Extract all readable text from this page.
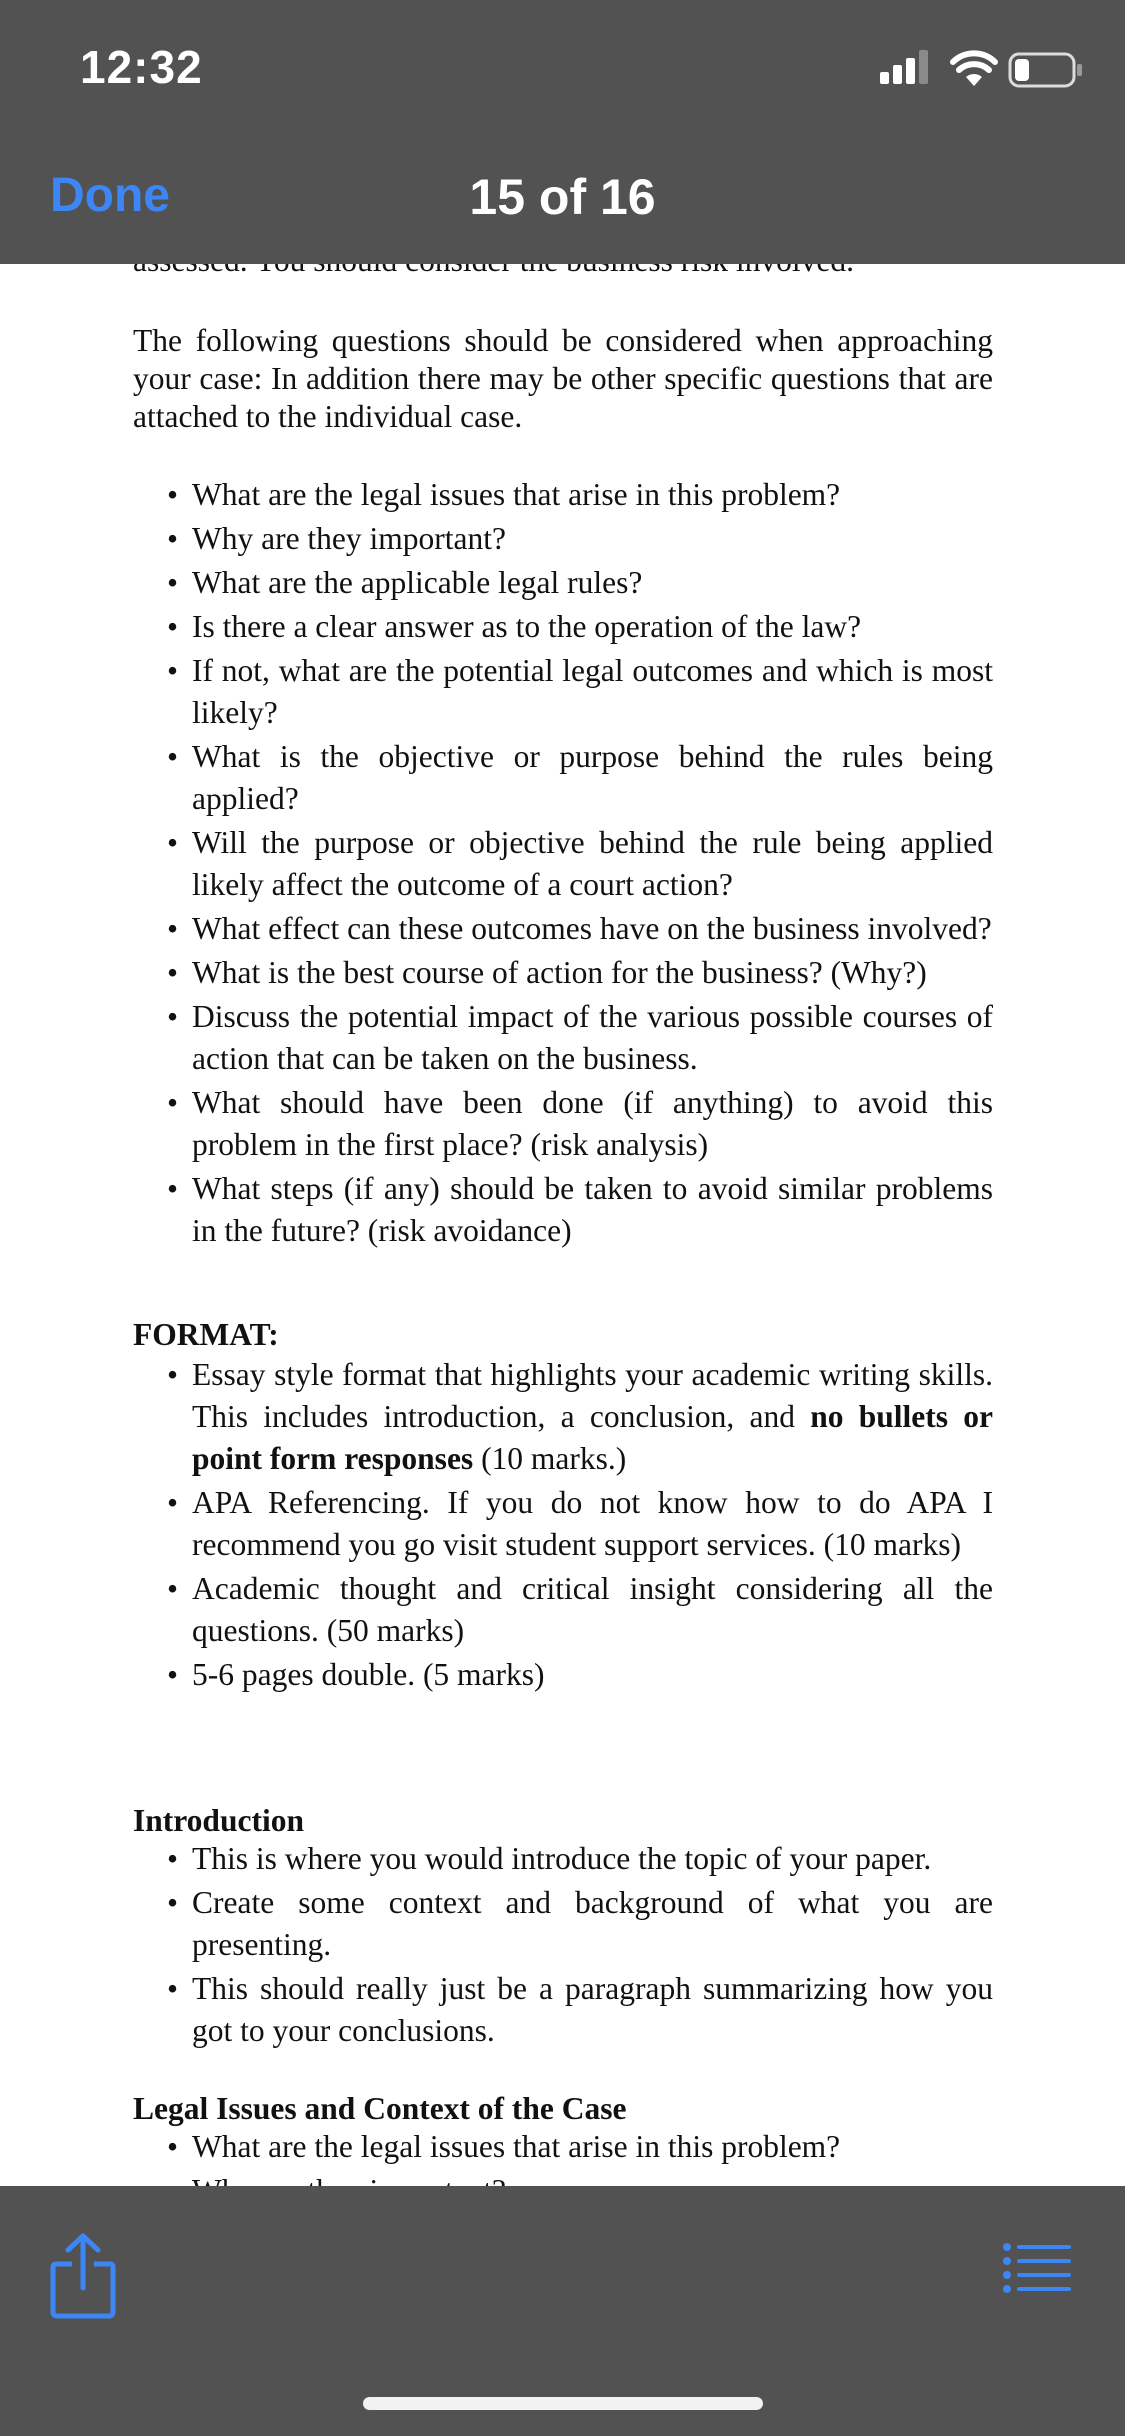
The following questions should be considered when approaching your case: In addition there may be other specific questions that are attached to the individual case.
• What are the legal issues that arise in this problem?
• Why are they important?
• What are the applicable legal rules?
• Is there a clear answer as to the operation of the law?
• If not, what are the potential legal outcomes and which is most likely?
• What is the objective or purpose behind the rules being applied?
• Will the purpose or objective behind the rule being applied likely affect the outcome of a court action?
• What effect can these outcomes have on the business involved?
• What is the best course of action for the business? (Why?)
• Discuss the potential impact of the various possible courses of action that can be taken on the business.
• What should have been done (if anything) to avoid this problem in the first place? (risk analysis)
• What steps (if any) should be taken to avoid similar problems in the future? (risk avoidance)
FORMAT:
• Essay style format that highlights your academic writing skills. This includes introduction, a conclusion, and no bullets or point form responses (10 marks.)
• APA Referencing. If you do not know how to do APA I recommend you go visit student support services. (10 marks)
• Academic thought and critical insight considering all the questions. (50 marks)
• 5-6 pages double. (5 marks)
Introduction
• This is where you would introduce the topic of your paper.
• Create some context and background of what you are presenting.
• This should really just be a paragraph summarizing how you got to your conclusions.
Legal Issues and Context of the Case
• What are the legal issues that arise in this problem?
•
12:32
Done	15 of 16
